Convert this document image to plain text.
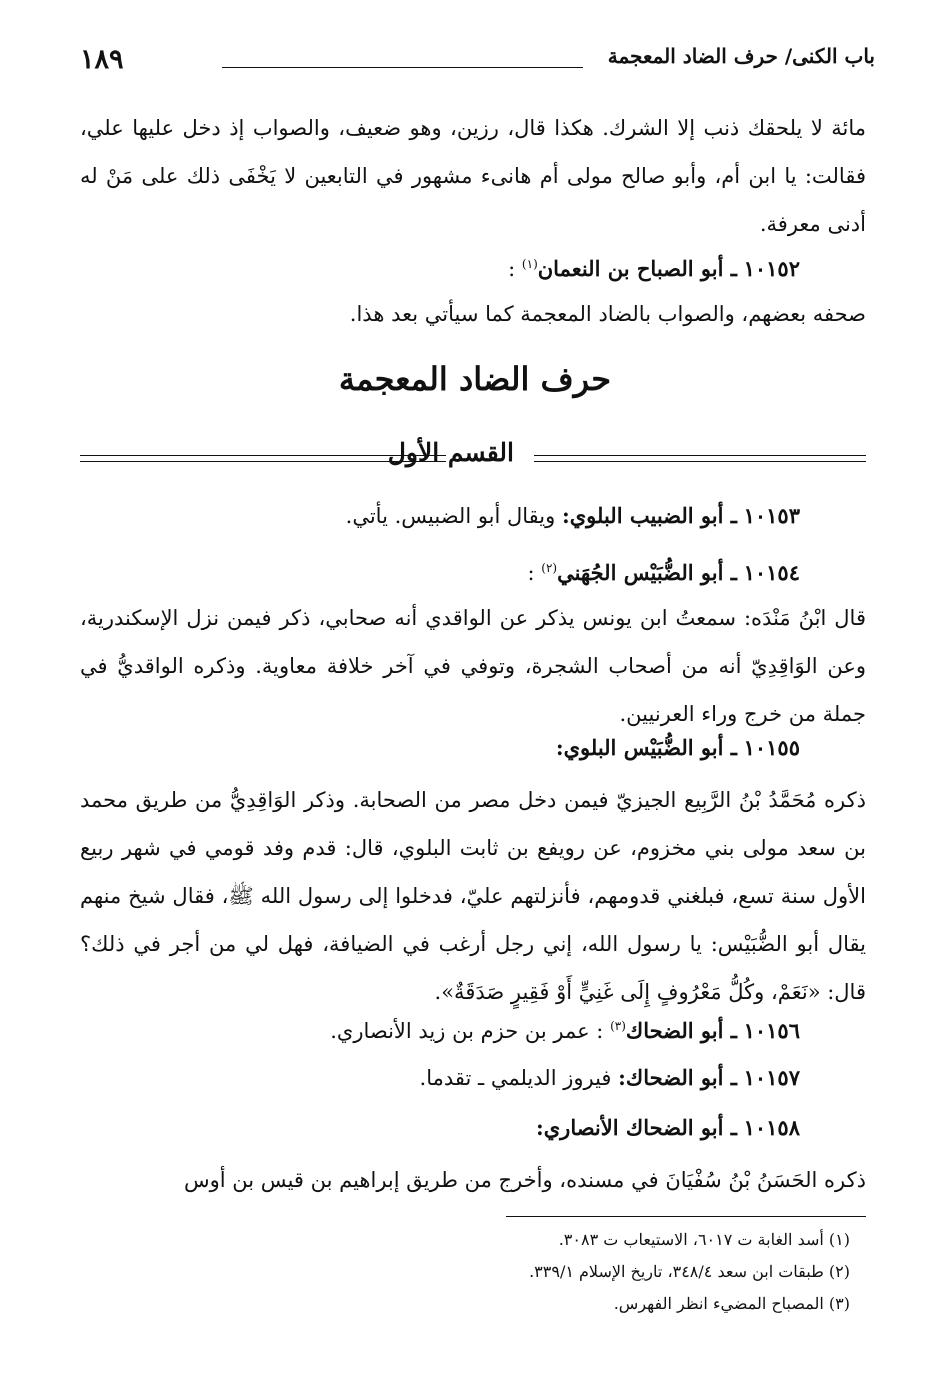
١٨٩	باب الكنى/ حرف الضاد المعجمة
مائة لا يلحقك ذنب إلا الشرك. هكذا قال، رزين، وهو ضعيف، والصواب إذ دخل عليها علي، فقالت: يا ابن أم، وأبو صالح مولى أم هانىء مشهور في التابعين لا يَخْفَى ذلك على مَنْ له أدنى معرفة.
١٠١٥٢ ـ أبو الصباح بن النعمان$^{(١)}$ :
صحفه بعضهم، والصواب بالضاد المعجمة كما سيأتي بعد هذا.
حرف الضاد المعجمة
القسم الأول
١٠١٥٣ ـ أبو الضبيب البلوي: ويقال أبو الضبيس. يأتي.
١٠١٥٤ ـ أبو الضُّبَيْس الجُهَني$^{(٢)}$ :
قال ابْنُ مَنْدَه: سمعتُ ابن يونس يذكر عن الواقدي أنه صحابي، ذكر فيمن نزل الإسكندرية، وعن الوَاقِدِيّ أنه من أصحاب الشجرة، وتوفي في آخر خلافة معاوية. وذكره الواقديُّ في جملة من خرج وراء العرنيين.
١٠١٥٥ ـ أبو الضُّبَيْس البلوي:
ذكره مُحَمَّدُ بْنُ الرَّبِيع الجيزيّ فيمن دخل مصر من الصحابة. وذكر الوَاقِدِيُّ من طريق محمد بن سعد مولى بني مخزوم، عن رويفع بن ثابت البلوي، قال: قدم وفد قومي في شهر ربيع الأول سنة تسع، فبلغني قدومهم، فأنزلتهم عليّ، فدخلوا إلى رسول الله ﷺ، فقال شيخ منهم يقال أبو الضُّبَيْس: يا رسول الله، إني رجل أرغب في الضيافة، فهل لي من أجر في ذلك؟ قال: «نَعَمْ، وكُلُّ مَعْرُوفٍ إِلَى غَنِيٍّ أَوْ فَقِيرٍ صَدَقَةٌ».
١٠١٥٦ ـ أبو الضحاك$^{(٣)}$ : عمر بن حزم بن زيد الأنصاري.
١٠١٥٧ ـ أبو الضحاك: فيروز الديلمي ـ تقدما.
١٠١٥٨ ـ أبو الضحاك الأنصاري:
ذكره الحَسَنُ بْنُ سُفْيَانَ في مسنده، وأخرج من طريق إبراهيم بن قيس بن أوس
(١) أسد الغابة ت ٦٠١٧، الاستيعاب ت ٣٠٨٣.
(٢) طبقات ابن سعد ٣٤٨/٤، تاريخ الإسلام ٣٣٩/١.
(٣) المصباح المضيء انظر الفهرس.
